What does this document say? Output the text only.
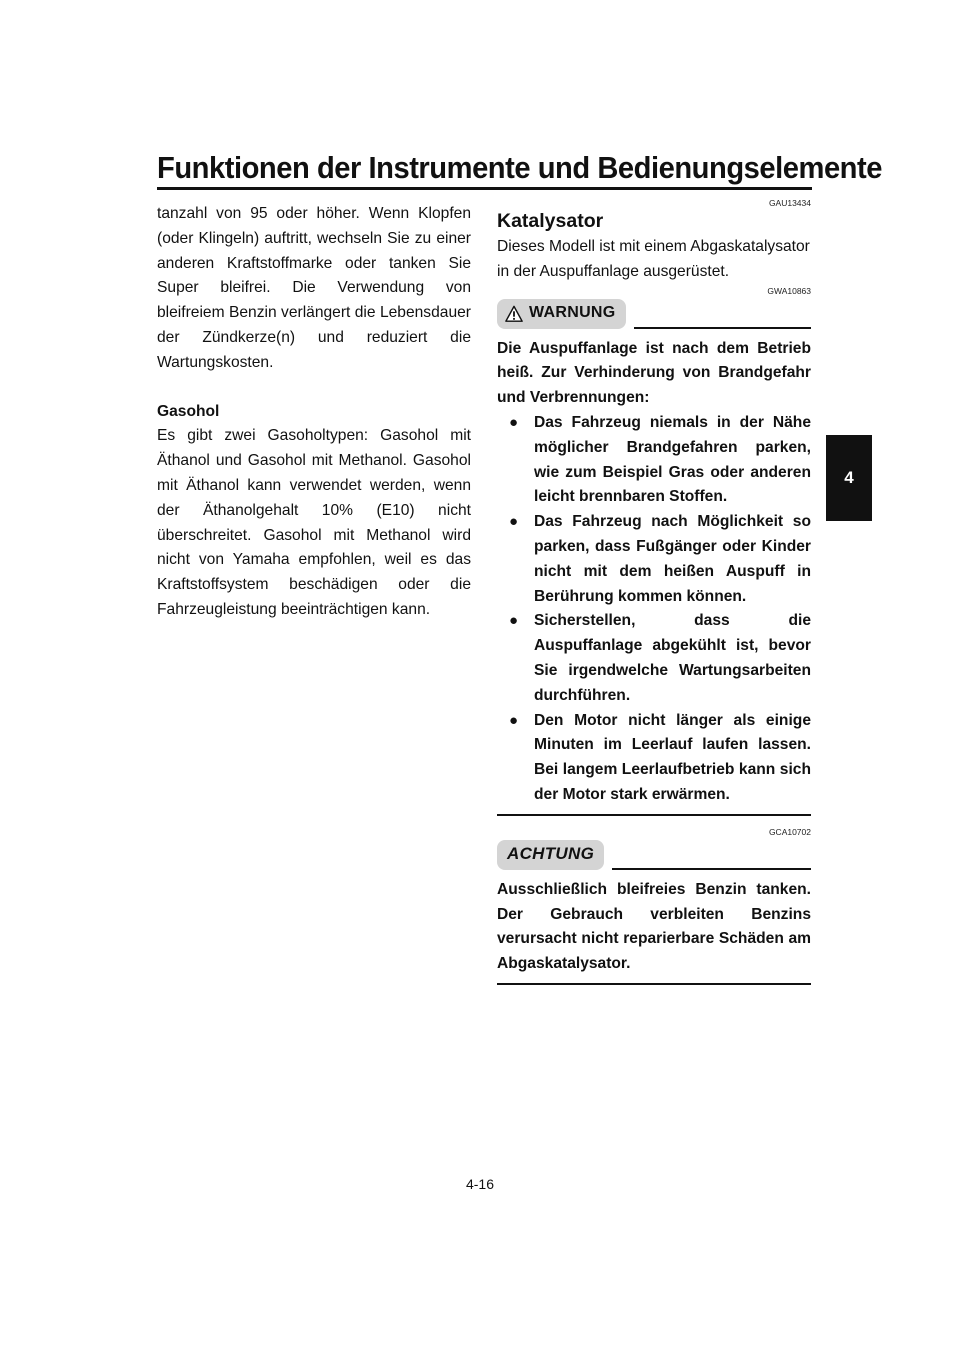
Funktionen der Instrumente und Bedienungselemente
4

tanzahl von 95 oder höher. Wenn Klopfen (oder Klingeln) auftritt, wechseln Sie zu einer anderen Kraftstoffmarke oder tanken Sie Super bleifrei. Die Verwendung von bleifreiem Benzin verlängert die Lebensdauer der Zündkerze(n) und reduziert die Wartungskosten.

Gasohol

Es gibt zwei Gasoholtypen: Gasohol mit Äthanol und Gasohol mit Methanol. Gasohol mit Äthanol kann verwendet werden, wenn der Äthanolgehalt 10% (E10) nicht überschreitet. Gasohol mit Methanol wird nicht von Yamaha empfohlen, weil es das Kraftstoffsystem beschädigen oder die Fahrzeugleistung beeinträchtigen kann.

GAU13434
Katalysator

Dieses Modell ist mit einem Abgaskatalysator in der Auspuffanlage ausgerüstet.

GWA10863
WARNUNG

Die Auspuffanlage ist nach dem Betrieb heiß. Zur Verhinderung von Brandgefahr und Verbrennungen:

● Das Fahrzeug niemals in der Nähe möglicher Brandgefahren parken, wie zum Beispiel Gras oder anderen leicht brennbaren Stoffen.
● Das Fahrzeug nach Möglichkeit so parken, dass Fußgänger oder Kinder nicht mit dem heißen Auspuff in Berührung kommen können.
● Sicherstellen, dass die Auspuffanlage abgekühlt ist, bevor Sie irgendwelche Wartungsarbeiten durchführen.
● Den Motor nicht länger als einige Minuten im Leerlauf laufen lassen. Bei langem Leerlaufbetrieb kann sich der Motor stark erwärmen.
GCA10702
ACHTUNG

Ausschließlich bleifreies Benzin tanken. Der Gebrauch verbleiten Benzins verursacht nicht reparierbare Schäden am Abgaskatalysator.

4-16
